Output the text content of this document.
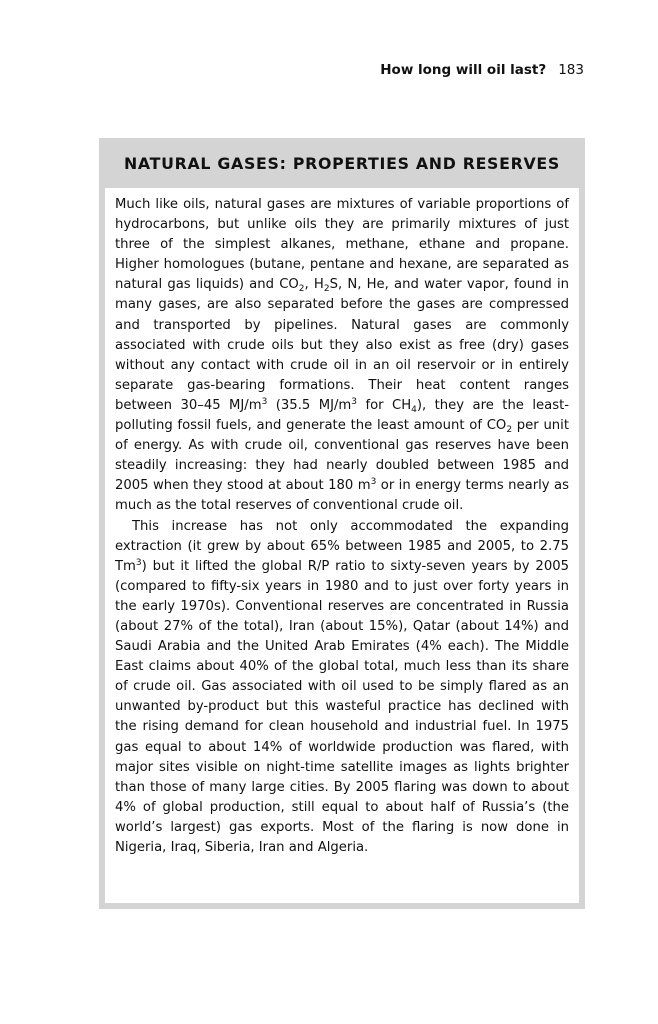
How long will oil last? 183
NATURAL GASES: PROPERTIES AND RESERVES

Much like oils, natural gases are mixtures of variable proportions of hydrocarbons, but unlike oils they are primarily mixtures of just three of the simplest alkanes, methane, ethane and propane. Higher homologues (butane, pentane and hexane, are separated as natural gas liquids) and $CO_2$, $H_2S$, N, He, and water vapor, found in many gases, are also separated before the gases are compressed and transported by pipelines. Natural gases are commonly associated with crude oils but they also exist as free (dry) gases without any contact with crude oil in an oil reservoir or in entirely separate gas-bearing formations. Their heat content ranges between 30–45 $MJ/m^3$ (35.5 $MJ/m^3$ for $CH_4$), they are the least-polluting fossil fuels, and generate the least amount of $CO_2$ per unit of energy. As with crude oil, conventional gas reserves have been steadily increasing: they had nearly doubled between 1985 and 2005 when they stood at about 180 $m^3$ or in energy terms nearly as much as the total reserves of conventional crude oil.

This increase has not only accommodated the expanding extraction (it grew by about 65% between 1985 and 2005, to 2.75 Tm$^3$) but it lifted the global R/P ratio to sixty-seven years by 2005 (compared to fifty-six years in 1980 and to just over forty years in the early 1970s). Conventional reserves are concentrated in Russia (about 27% of the total), Iran (about 15%), Qatar (about 14%) and Saudi Arabia and the United Arab Emirates (4% each). The Middle East claims about 40% of the global total, much less than its share of crude oil. Gas associated with oil used to be simply flared as an unwanted by-product but this wasteful practice has declined with the rising demand for clean household and industrial fuel. In 1975 gas equal to about 14% of worldwide production was flared, with major sites visible on night-time satellite images as lights brighter than those of many large cities. By 2005 flaring was down to about 4% of global production, still equal to about half of Russia’s (the world’s largest) gas exports. Most of the flaring is now done in Nigeria, Iraq, Siberia, Iran and Algeria.
